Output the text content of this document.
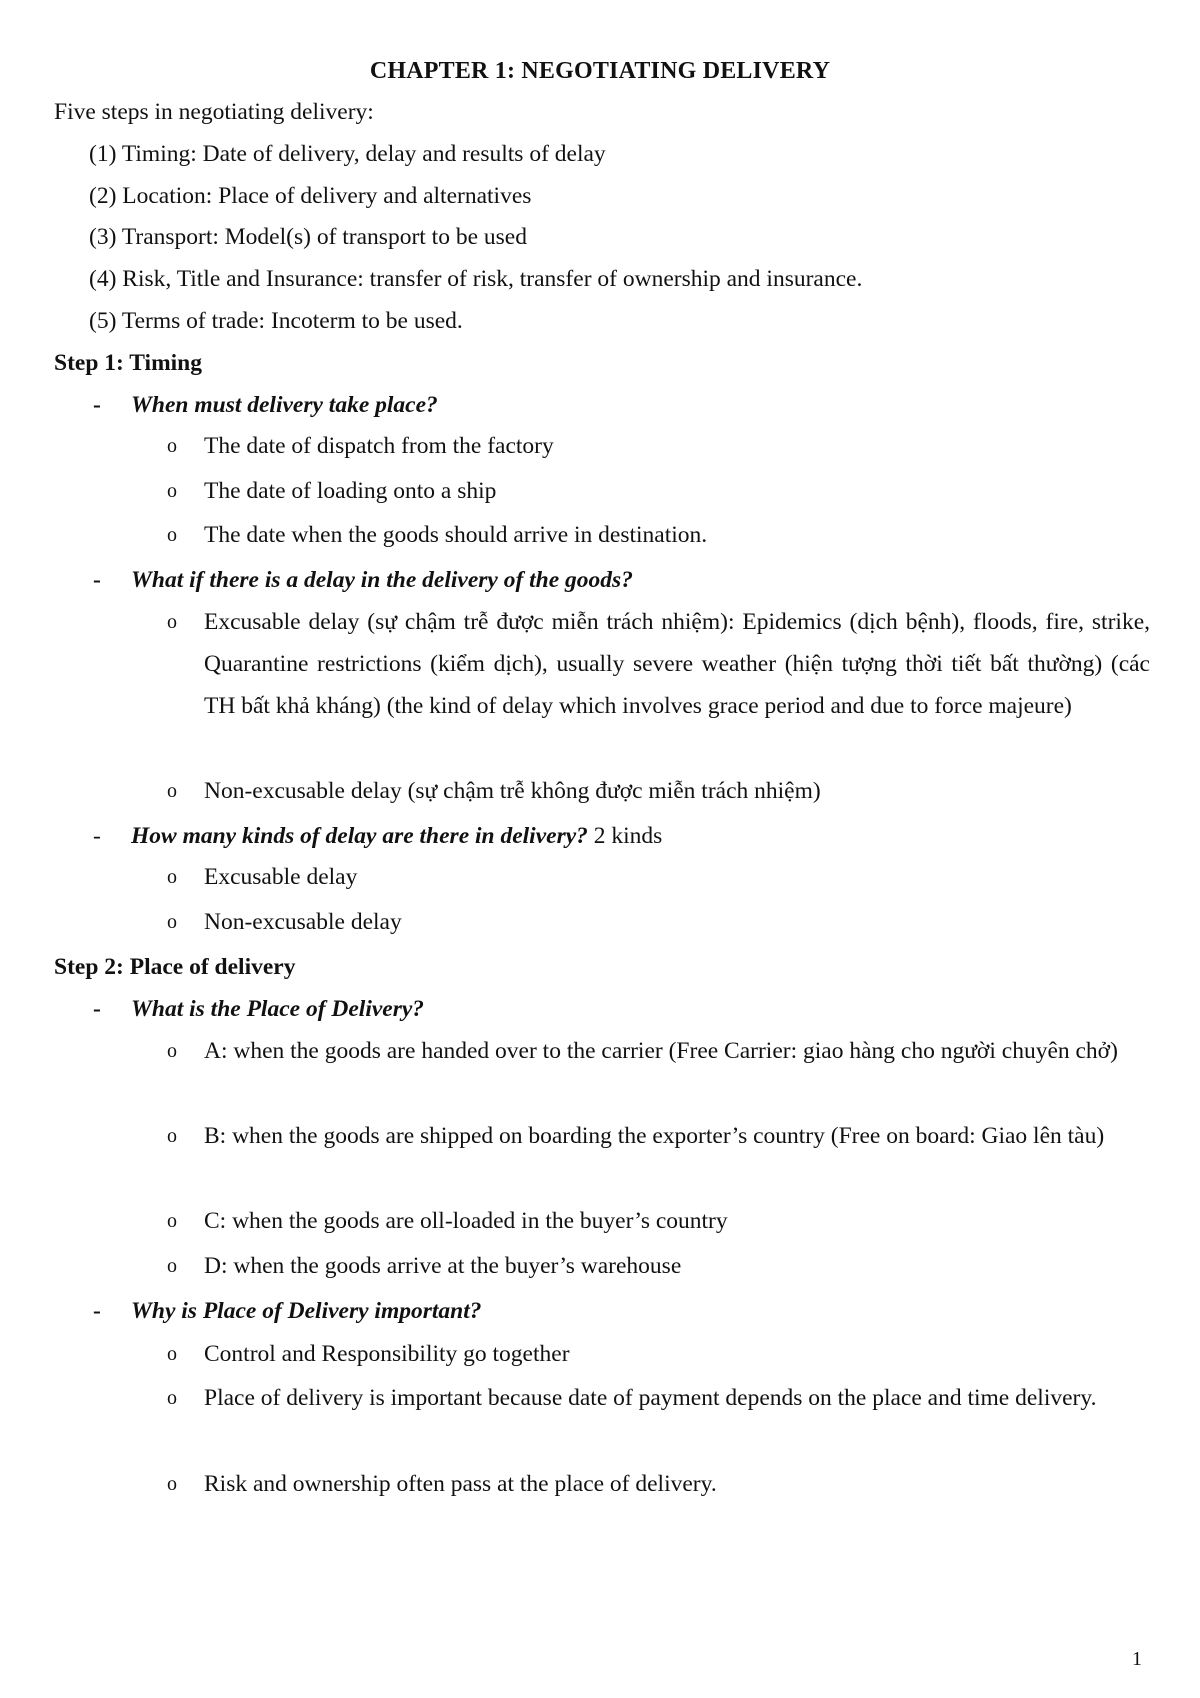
CHAPTER 1: NEGOTIATING DELIVERY
Five steps in negotiating delivery:
(1) Timing: Date of delivery, delay and results of delay
(2) Location: Place of delivery and alternatives
(3) Transport: Model(s) of transport to be used
(4) Risk, Title and Insurance: transfer of risk, transfer of ownership and insurance.
(5) Terms of trade: Incoterm to be used.
Step 1: Timing
- When must delivery take place?
o The date of dispatch from the factory
o The date of loading onto a ship
o The date when the goods should arrive in destination.
- What if there is a delay in the delivery of the goods?
o Excusable delay (sự chậm trễ được miễn trách nhiệm): Epidemics (dịch bệnh), floods, fire, strike, Quarantine restrictions (kiểm dịch), usually severe weather (hiện tượng thời tiết bất thường) (các TH bất khả kháng) (the kind of delay which involves grace period and due to force majeure)
o Non-excusable delay (sự chậm trễ không được miễn trách nhiệm)
- How many kinds of delay are there in delivery? 2 kinds
o Excusable delay
o Non-excusable delay
Step 2: Place of delivery
- What is the Place of Delivery?
o A: when the goods are handed over to the carrier (Free Carrier: giao hàng cho người chuyên chở)
o B: when the goods are shipped on boarding the exporter’s country (Free on board: Giao lên tàu)
o C: when the goods are oll-loaded in the buyer’s country
o D: when the goods arrive at the buyer’s warehouse
- Why is Place of Delivery important?
o Control and Responsibility go together
o Place of delivery is important because date of payment depends on the place and time delivery.
o Risk and ownership often pass at the place of delivery.
1
